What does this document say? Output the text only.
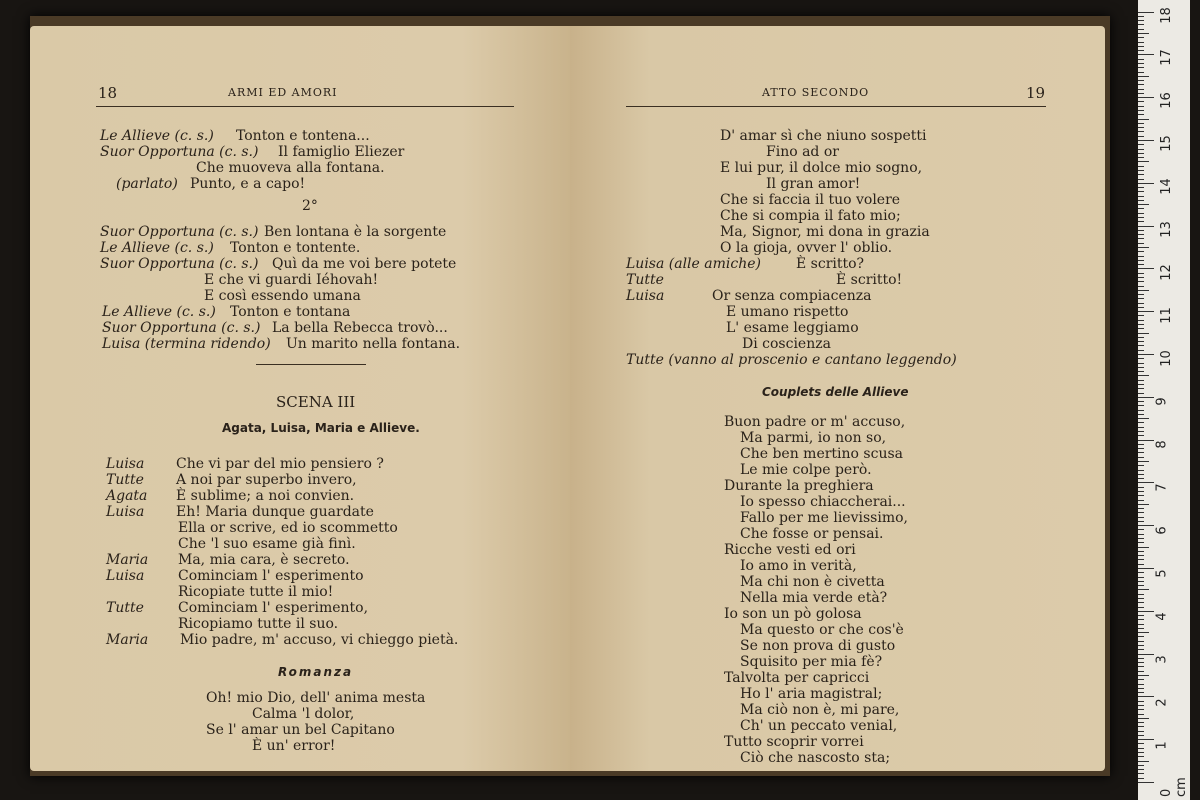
18	ARMI ED AMORI
Le Allieve (c. s.) Tonton e tontena...
Suor Opportuna (c. s.) Il famiglio Eliezer
Che muoveva alla fontana.
(parlato) Punto, e a capo!
2°
Suor Opportuna (c. s.) Ben lontana è la sorgente
Le Allieve (c. s.) Tonton e tontente.
Suor Opportuna (c. s.) Quì da me voi bere potete
E che vi guardi Iéhovah!
E così essendo umana
Le Allieve (c. s.) Tonton e tontana
Suor Opportuna (c. s.) La bella Rebecca trovò...
Luisa (termina ridendo) Un marito nella fontana.
SCENA III
Agata, Luisa, Maria e Allieve.
Luisa Che vi par del mio pensiero ?
Tutte A noi par superbo invero,
Agata È sublime; a noi convien.
Luisa Eh! Maria dunque guardate
Ella or scrive, ed io scommetto
Che 'l suo esame già finì.
Maria Ma, mia cara, è secreto.
Luisa Cominciam l' esperimento
Ricopiate tutte il mio!
Tutte Cominciam l' esperimento,
Ricopiamo tutte il suo.
Maria Mio padre, m' accuso, vi chieggo pietà.
Romanza
Oh! mio Dio, dell' anima mesta
Calma 'l dolor,
Se l' amar un bel Capitano
È un' error!
ATTO SECONDO	19
D' amar sì che niuno sospetti
Fino ad or
E lui pur, il dolce mio sogno,
Il gran amor!
Che si faccia il tuo volere
Che si compia il fato mio;
Ma, Signor, mi dona in grazia
O la gioja, ovver l' oblio.
Luisa (alle amiche)	È scritto?
Tutte	È scritto!
Luisa	Or senza compiacenza
E umano rispetto
L' esame leggiamo
Di coscienza
Tutte (vanno al proscenio e cantano leggendo)
Couplets delle Allieve
Buon padre or m' accuso,
Ma parmi, io non so,
Che ben mertino scusa
Le mie colpe però.
Durante la preghiera
Io spesso chiaccherai...
Fallo per me lievissimo,
Che fosse or pensai.
Ricche vesti ed ori
Io amo in verità,
Ma chi non è civetta
Nella mia verde età?
Io son un pò golosa
Ma questo or che cos'è
Se non prova di gusto
Squisito per mia fè?
Talvolta per capricci
Ho l' aria magistral;
Ma ciò non è, mi pare,
Ch' un peccato venial,
Tutto scoprir vorrei
Ciò che nascosto sta;
0 cm
1
2
3
4
5
6
7
8
9
10
11
12
13
14
15
16
17
18
